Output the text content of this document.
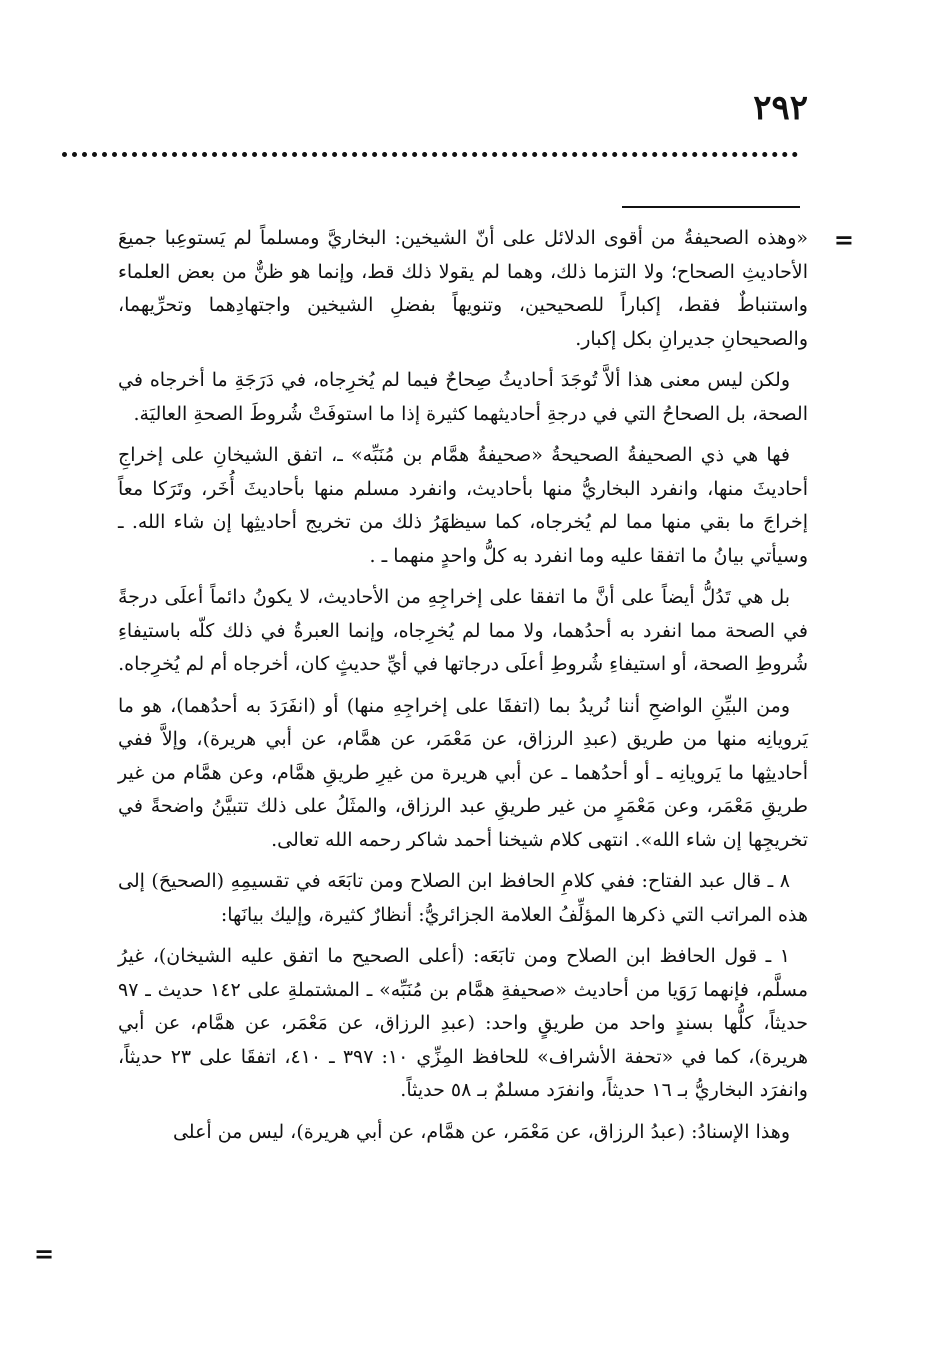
٢٩٢
=
=

«وهذه الصحيفةُ من أقوى الدلائل على أنّ الشيخين: البخاريَّ ومسلماً لم يَستوعِبا جميعَ الأحاديثِ الصحاح؛ ولا التزما ذلك، وهما لم يقولا ذلك قط، وإنما هو ظنٌّ من بعض العلماء واستنباطٌ فقط، إكباراً للصحيحين، وتنويهاً بفضلِ الشيخين واجتهادِهما وتحرِّيهما، والصحيحانِ جديرانِ بكل إكبار.

ولكن ليس معنى هذا ألاَّ تُوجَدَ أحاديثُ صِحاحٌ فيما لم يُخرِجاه، في دَرَجَةِ ما أخرجاه في الصحة، بل الصحاحُ التي في درجةِ أحاديثهما كثيرة إذا ما استوفَتْ شُروطَ الصحةِ العاليَة.

فها هي ذي الصحيفةُ الصحيحةُ «صحيفةُ همَّام بن مُنَبِّه» ـ، اتفق الشيخانِ على إخراجِ أحاديثَ منها، وانفرد البخاريُّ منها بأحاديث، وانفرد مسلم منها بأحاديثَ أُخَر، وتَرَكا معاً إخراجَ ما بقي منها مما لم يُخرجاه، كما سيظهَرُ ذلك من تخريج أحاديثِها إن شاء الله. ـ وسيأتي بيانُ ما اتفقا عليه وما انفرد به كلُّ واحدٍ منهما ـ .

بل هي تَدُلُّ أيضاً على أنَّ ما اتفقا على إخراجِهِ من الأحاديث، لا يكونُ دائماً أعلَى درجةً في الصحة مما انفرد به أحدُهما، ولا مما لم يُخرِجاه، وإنما العبرةُ في ذلك كلّه باستيفاءِ شُروطِ الصحة، أو استيفاءِ شُروطِ أعلَى درجاتها في أيِّ حديثٍ كان، أخرجاه أم لم يُخرِجاه.

ومن البيِّنِ الواضحِ أننا نُريدُ بما (اتفقَا على إخراجِهِ منها) أو (انفَرَدَ به أحدُهما)، هو ما يَرويانِه منها من طريق (عبدِ الرزاق، عن مَعْمَر، عن همَّام، عن أبي هريرة)، وإلاَّ ففي أحاديثِها ما يَرويانِه ـ أو أحدُهما ـ عن أبي هريرة من غيرِ طريقِ همَّام، وعن همَّام من غير طريقِ مَعْمَر، وعن مَعْمَرٍ من غير طريقِ عبد الرزاق، والمثَلُ على ذلك تتبيَّنُ واضحةً في تخريجِها إن شاء الله». انتهى كلام شيخنا أحمد شاكر رحمه الله تعالى.

٨ ـ قال عبد الفتاح: ففي كلامِ الحافظ ابن الصلاح ومن تابَعَه في تقسيمِهِ (الصحيحَ) إلى هذه المراتب التي ذكرها المؤلِّفُ العلامة الجزائريُّ: أنظارٌ كثيرة، وإليك بيانَها:

١ ـ قول الحافظ ابن الصلاح ومن تابَعَه: (أعلى الصحيح ما اتفق عليه الشيخان)، غيرُ مسلَّم، فإنهما رَوَيا من أحاديث «صحيفةِ همَّام بن مُنَبِّه» ـ المشتملةِ على ١٤٢ حديث ـ ٩٧ حديثاً، كلُّها بسندٍ واحد من طريقٍ واحد: (عبدِ الرزاق، عن مَعْمَر، عن همَّام، عن أبي هريرة)، كما في «تحفة الأشراف» للحافظ المِزِّي ١٠: ٣٩٧ ـ ٤١٠، اتفقَا على ٢٣ حديثاً، وانفرَد البخاريُّ بـ ١٦ حديثاً، وانفرَد مسلمٌ بـ ٥٨ حديثاً.

وهذا الإسنادُ: (عبدُ الرزاق، عن مَعْمَر، عن همَّام، عن أبي هريرة)، ليس من أعلى
